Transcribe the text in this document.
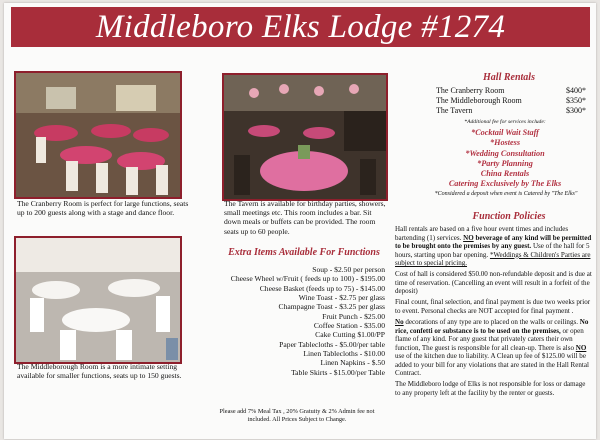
Middleboro Elks Lodge #1274
The Cranberry Room is perfect for large functions, seats up to 200 guests along with a stage and dance floor.
The Tavern is available for birthday parties, showers, small meetings etc. This room includes a bar. Sit down meals or buffets can be provided. The room seats up to 60 people.
The Middleborough Room is a more intimate setting available for smaller functions, seats up to 150 guests.
Extra Items Available For Functions
Soup - $2.50 per person
Cheese Wheel w/Fruit ( feeds up to 100) - $195.00
Cheese Basket (feeds up to 75) - $145.00
Wine Toast - $2.75 per glass
Champagne Toast - $3.25 per glass
Fruit Punch - $25.00
Coffee Station - $35.00
Cake Cutting $1.00/PP
Paper Tablecloths - $5.00/per table
Linen Tablecloths - $10.00
Linen Napkins - $.50
Table Skirts - $15.00/per Table
Please add 7% Meal Tax , 20% Gratuity & 2% Admin fee not included. All Prices Subject to Change.
Hall Rentals
The Cranberry Room	$400*
The Middleborough Room	$350*
The Tavern	$300*
*Additional fee for services include:
*Cocktail Wait Staff
*Hostess
*Wedding Consultation
*Party Planning
China Rentals
Catering Exclusively by The Elks
*Considered a deposit when event is Catered by "The Elks"
Function Policies

Hall rentals are based on a five hour event times and includes bartending (1) services. NO beverage of any kind will be permitted to be brought onto the premises by any guest. Use of the hall for 5 hours, starting upon bar opening. *Weddings & Children's Parties are subject to special pricing.

Cost of hall is considered $50.00 non-refundable deposit and is due at time of reservation. (Cancelling an event will result in a forfeit of the deposit)

Final count, final selection, and final payment is due two weeks prior to event. Personal checks are NOT accepted for final payment .

No decorations of any type are to placed on the walls or ceilings. No rice, confetti or substance is to be used on the premises, or open flame of any kind. For any guest that privately caters their own function, The guest is responsible for all clean-up. There is also NO use of the kitchen due to liability. A Clean up fee of $125.00 will be added to your bill for any violations that are stated in the Hall Rental Contract.

The Middleboro lodge of Elks is not responsible for loss or damage to any property left at the facility by the renter or guests.
